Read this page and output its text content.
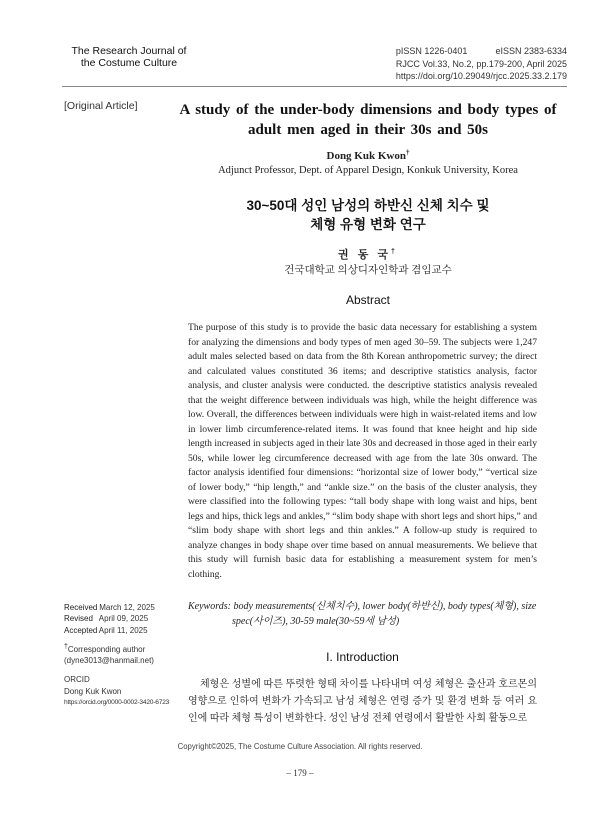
The Research Journal of
the Costume Culture
pISSN 1226-0401	eISSN 2383-6334
RJCC Vol.33, No.2, pp.179-200, April 2025
https://doi.org/10.29049/rjcc.2025.33.2.179
[Original Article]	A study of the under-body dimensions and body types of adult men aged in their 30s and 50s
Dong Kuk Kwon†
Adjunct Professor, Dept. of Apparel Design, Konkuk University, Korea
30~50대 성인 남성의 하반신 신체 치수 및
체형 유형 변화 연구
권 동 국†
건국대학교 의상디자인학과 겸임교수
Abstract
The purpose of this study is to provide the basic data necessary for establishing a system for analyzing the dimensions and body types of men aged 30–59. The subjects were 1,247 adult males selected based on data from the 8th Korean anthropometric survey; the direct and calculated values constituted 36 items; and descriptive statistics analysis, factor analysis, and cluster analysis were conducted. the descriptive statistics analysis revealed that the weight difference between individuals was high, while the height difference was low. Overall, the differences between individuals were high in waist-related items and low in lower limb circumference-related items. It was found that knee height and hip side length increased in subjects aged in their late 30s and decreased in those aged in their early 50s, while lower leg circumference decreased with age from the late 30s onward. The factor analysis identified four dimensions: “horizontal size of lower body,” “vertical size of lower body,” “hip length,” and “ankle size.” on the basis of the cluster analysis, they were classified into the following types: “tall body shape with long waist and hips, bent legs and hips, thick legs and ankles,” “slim body shape with short legs and short hips,” and “slim body shape with short legs and thin ankles.” A follow-up study is required to analyze changes in body shape over time based on annual measurements. We believe that this study will furnish basic data for establishing a measurement system for men’s clothing.
Received March 12, 2025
Revised April 09, 2025
Accepted April 11, 2025
†Corresponding author
(dyne3013@hanmail.net)
ORCID
Dong Kuk Kwon
https://orcid.org/0000-0002-3420-6723
Keywords: body measurements(신체치수), lower body(하반신), body types(체형), size
spec(사이즈), 30-59 male(30~59세 남성)
I. Introduction
체형은 성별에 따른 뚜렷한 형태 차이를 나타내며 여성 체형은 출산과 호르몬의 영향으로 인하여 변화가 가속되고 남성 체형은 연령 증가 및 환경 변화 등 여러 요인에 따라 체형 특성이 변화한다. 성인 남성 전체 연령에서 활발한 사회 활동으로
Copyright©2025, The Costume Culture Association. All rights reserved.
– 179 –
